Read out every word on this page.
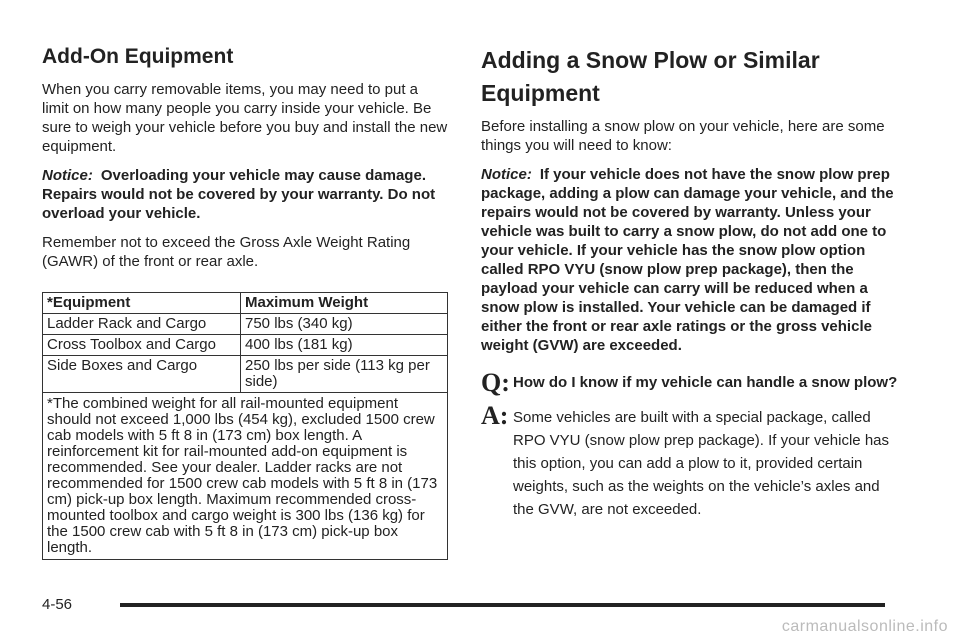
Add-On Equipment

When you carry removable items, you may need to put a limit on how many people you carry inside your vehicle. Be sure to weigh your vehicle before you buy and install the new equipment.

Notice: Overloading your vehicle may cause damage. Repairs would not be covered by your warranty. Do not overload your vehicle.

Remember not to exceed the Gross Axle Weight Rating (GAWR) of the front or rear axle.

*Equipment	Maximum Weight
Ladder Rack and Cargo	750 lbs (340 kg)
Cross Toolbox and Cargo	400 lbs (181 kg)
Side Boxes and Cargo	250 lbs per side (113 kg per side)
*The combined weight for all rail-mounted equipment should not exceed 1,000 lbs (454 kg), excluded 1500 crew cab models with 5 ft 8 in (173 cm) box length. A reinforcement kit for rail-mounted add-on equipment is recommended. See your dealer. Ladder racks are not recommended for 1500 crew cab models with 5 ft 8 in (173 cm) pick-up box length. Maximum recommended cross-mounted toolbox and cargo weight is 300 lbs (136 kg) for the 1500 crew cab with 5 ft 8 in (173 cm) pick-up box length.	
Adding a Snow Plow or Similar Equipment

Before installing a snow plow on your vehicle, here are some things you will need to know:

Notice: If your vehicle does not have the snow plow prep package, adding a plow can damage your vehicle, and the repairs would not be covered by warranty. Unless your vehicle was built to carry a snow plow, do not add one to your vehicle. If your vehicle has the snow plow option called RPO VYU (snow plow prep package), then the payload your vehicle can carry will be reduced when a snow plow is installed. Your vehicle can be damaged if either the front or rear axle ratings or the gross vehicle weight (GVW) are exceeded.

Q: How do I know if my vehicle can handle a snow plow?

A: Some vehicles are built with a special package, called RPO VYU (snow plow prep package). If your vehicle has this option, you can add a plow to it, provided certain weights, such as the weights on the vehicle’s axles and the GVW, are not exceeded.

4-56
carmanualsonline.info
